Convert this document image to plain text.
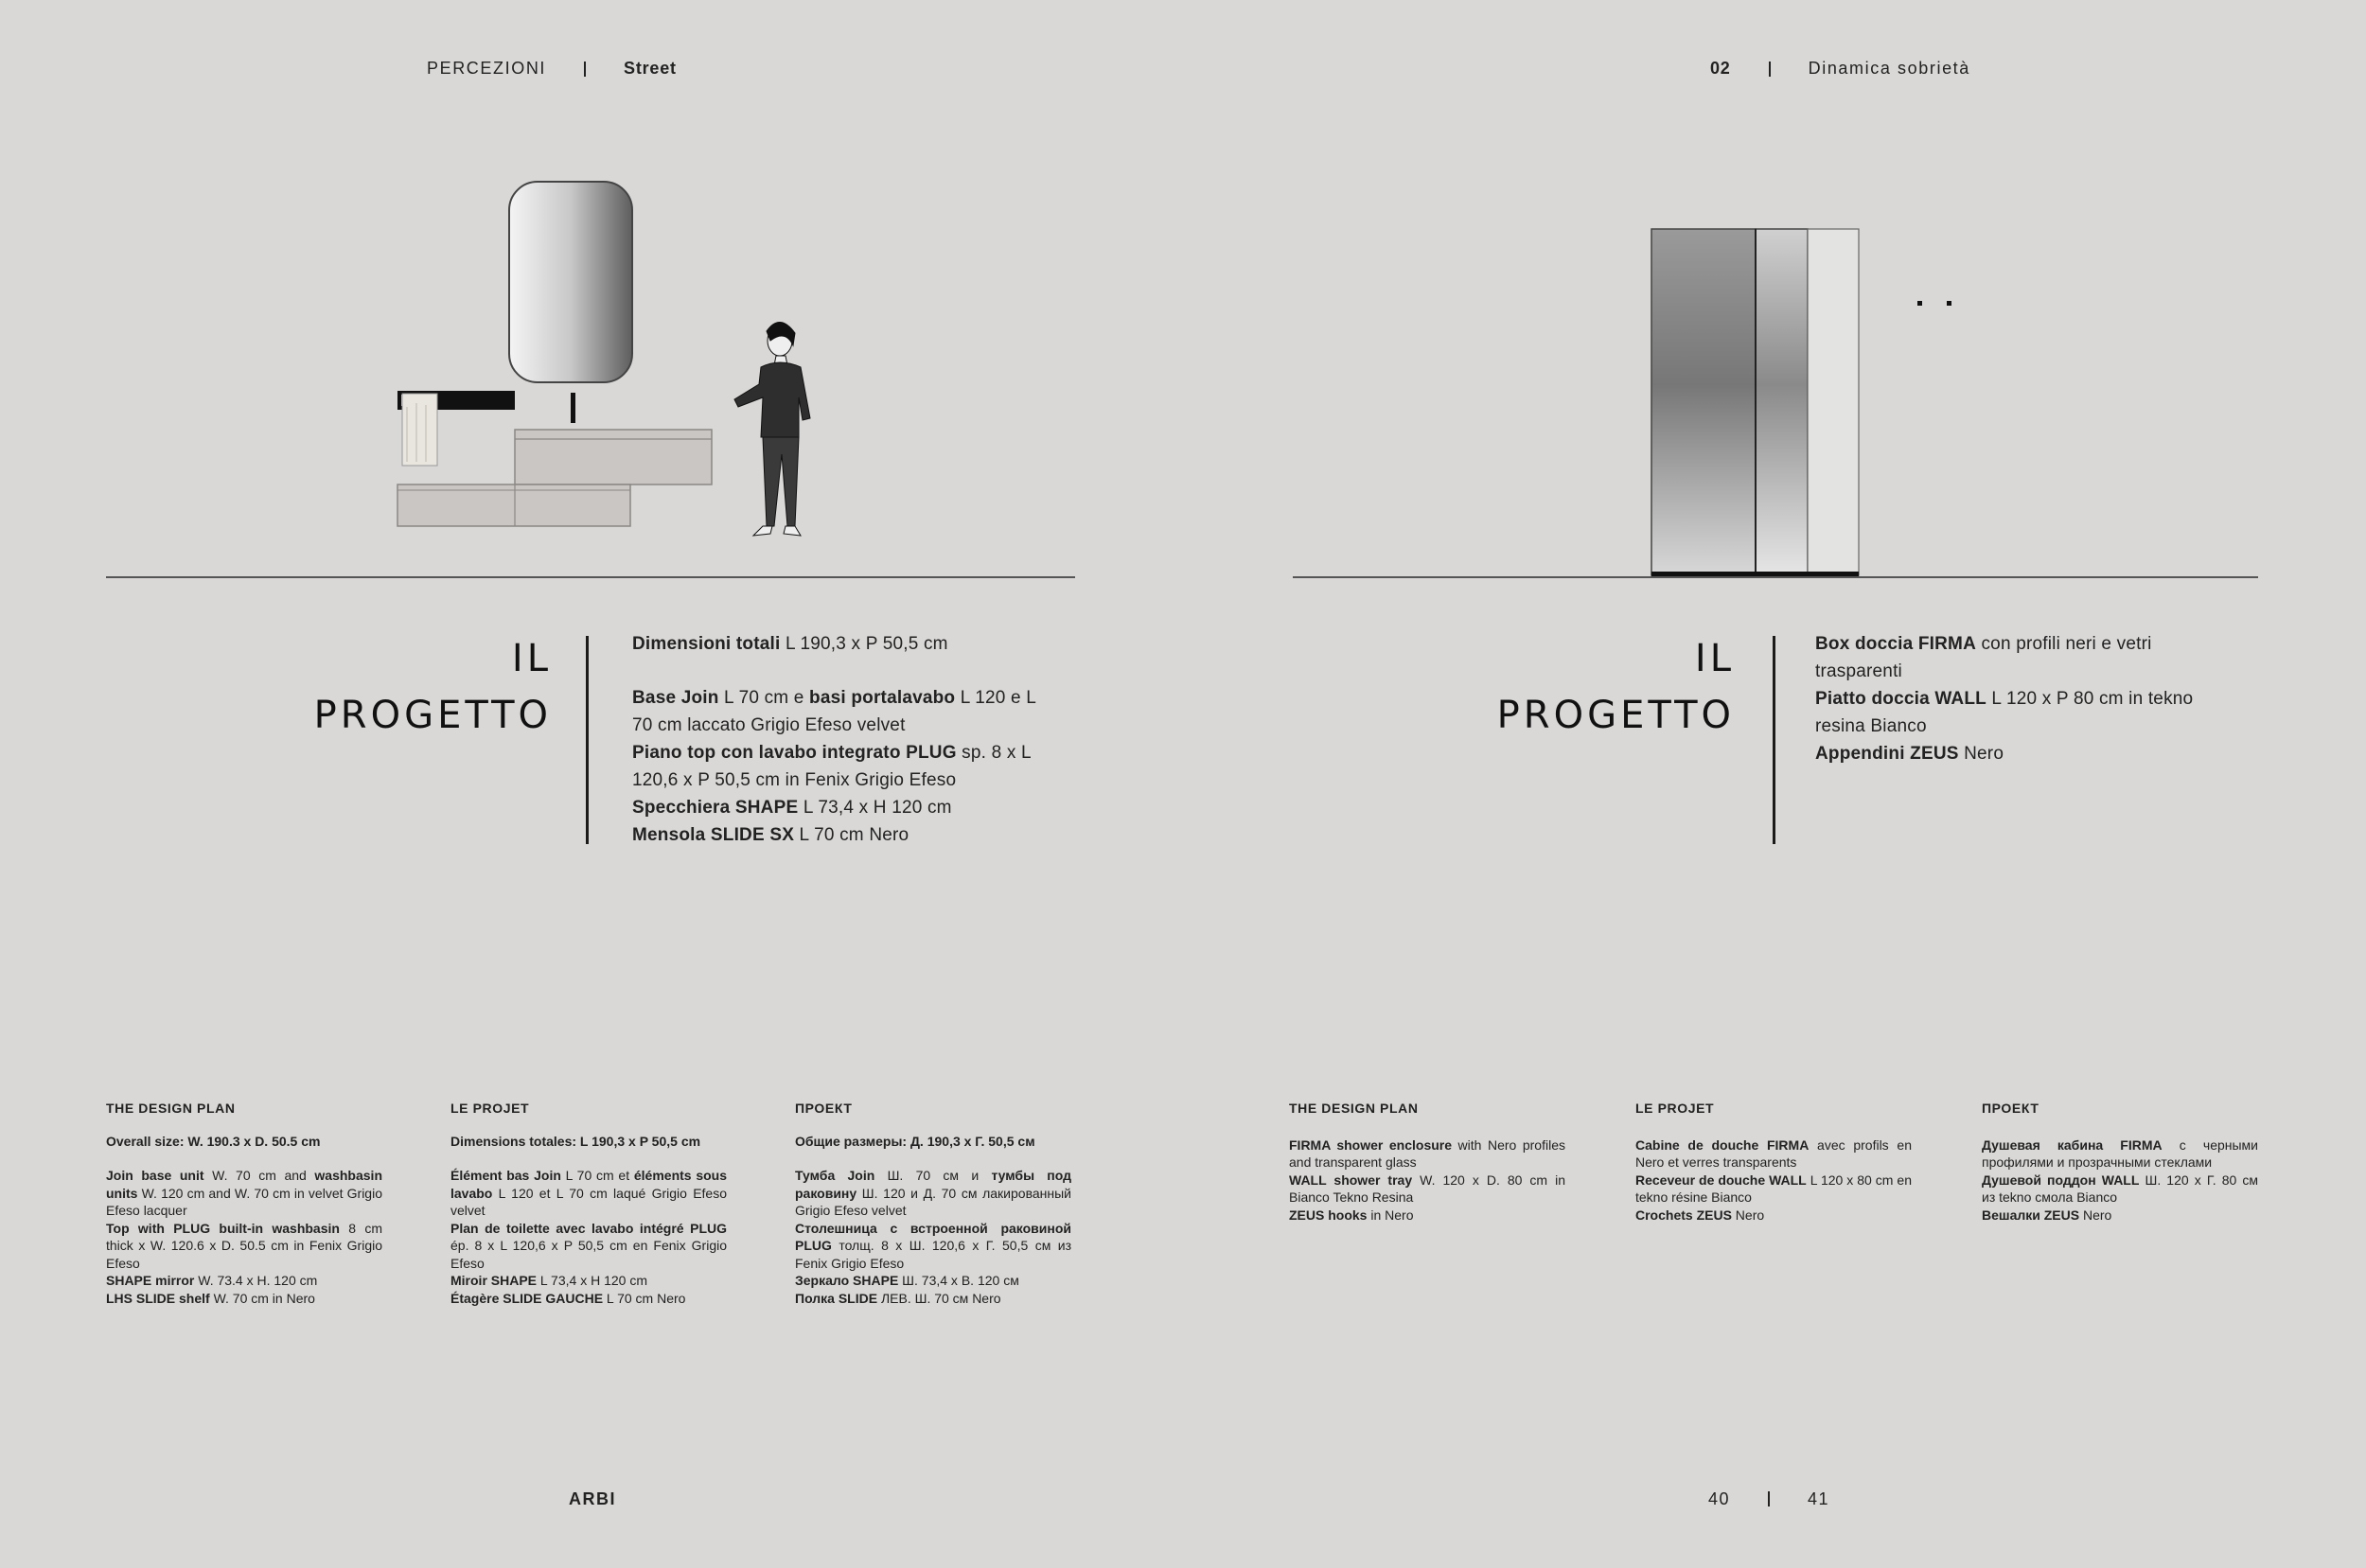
PERCEZIONI	Street	02	Dinamica sobrietà
IL
PROGETTO

Dimensioni totali L 190,3 x P 50,5 cm

Base Join L 70 cm e basi portalavabo L 120 e L 70 cm laccato Grigio Efeso velvet

Piano top con lavabo integrato PLUG sp. 8 x L 120,6 x P 50,5 cm in Fenix Grigio Efeso

Specchiera SHAPE L 73,4 x H 120 cm

Mensola SLIDE SX L 70 cm Nero

IL
PROGETTO

Box doccia FIRMA con profili neri e vetri trasparenti

Piatto doccia WALL L 120 x P 80 cm in tekno resina Bianco

Appendini ZEUS Nero

THE DESIGN PLAN
Overall size: W. 190.3 x D. 50.5 cm

Join base unit W. 70 cm and washbasin units W. 120 cm and W. 70 cm in velvet Grigio Efeso lacquer

Top with PLUG built-in washbasin 8 cm thick x W. 120.6 x D. 50.5 cm in Fenix Grigio Efeso

SHAPE mirror W. 73.4 x H. 120 cm

LHS SLIDE shelf W. 70 cm in Nero

LE PROJET
Dimensions totales: L 190,3 x P 50,5 cm

Élément bas Join L 70 cm et éléments sous lavabo L 120 et L 70 cm laqué Grigio Efeso velvet

Plan de toilette avec lavabo intégré PLUG ép. 8 x L 120,6 x P 50,5 cm en Fenix Grigio Efeso

Miroir SHAPE L 73,4 x H 120 cm

Étagère SLIDE GAUCHE L 70 cm Nero

ПРОЕКТ
Общие размеры: Д. 190,3 х Г. 50,5 см

Тумба Join Ш. 70 см и тумбы под раковину Ш. 120 и Д. 70 см лакированный Grigio Efeso velvet

Столешница с встроенной раковиной PLUG толщ. 8 х Ш. 120,6 х Г. 50,5 см из Fenix Grigio Efeso

Зеркало SHAPE Ш. 73,4 х В. 120 см

Полка SLIDE ЛЕВ. Ш. 70 см Nero

THE DESIGN PLAN

FIRMA shower enclosure with Nero profiles and transparent glass

WALL shower tray W. 120 x D. 80 cm in Bianco Tekno Resina

ZEUS hooks in Nero

LE PROJET

Cabine de douche FIRMA avec profils en Nero et verres transparents

Receveur de douche WALL L 120 x 80 cm en tekno résine Bianco

Crochets ZEUS Nero

ПРОЕКТ

Душевая кабина FIRMA с черными профилями и прозрачными стеклами

Душевой поддон WALL Ш. 120 х Г. 80 см из tekno смола Bianco

Вешалки ZEUS Nero

ARBI	40	41
